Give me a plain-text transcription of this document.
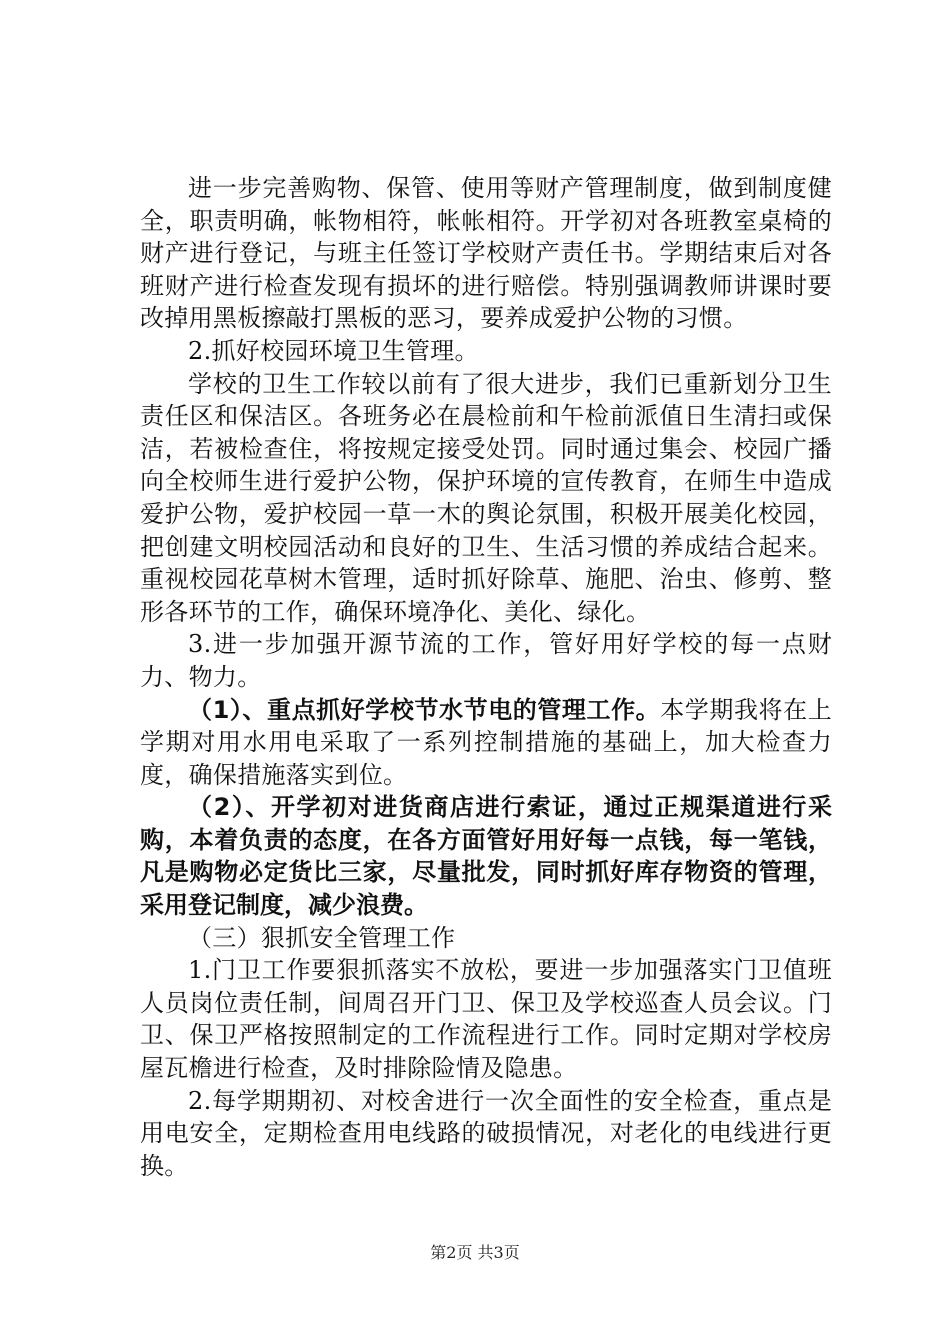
进一步完善购物、保管、使用等财产管理制度，做到制度健全，职责明确，帐物相符，帐帐相符。开学初对各班教室桌椅的财产进行登记，与班主任签订学校财产责任书。学期结束后对各班财产进行检查发现有损坏的进行赔偿。特别强调教师讲课时要改掉用黑板擦敲打黑板的恶习，要养成爱护公物的习惯。

2.抓好校园环境卫生管理。

学校的卫生工作较以前有了很大进步，我们已重新划分卫生责任区和保洁区。各班务必在晨检前和午检前派值日生清扫或保洁，若被检查住，将按规定接受处罚。同时通过集会、校园广播向全校师生进行爱护公物，保护环境的宣传教育，在师生中造成爱护公物，爱护校园一草一木的舆论氛围，积极开展美化校园，把创建文明校园活动和良好的卫生、生活习惯的养成结合起来。重视校园花草树木管理，适时抓好除草、施肥、治虫、修剪、整形各环节的工作，确保环境净化、美化、绿化。

3.进一步加强开源节流的工作，管好用好学校的每一点财力、物力。

（1）、重点抓好学校节水节电的管理工作。本学期我将在上学期对用水用电采取了一系列控制措施的基础上，加大检查力度，确保措施落实到位。

（2）、开学初对进货商店进行索证，通过正规渠道进行采购，本着负责的态度，在各方面管好用好每一点钱，每一笔钱，凡是购物必定货比三家，尽量批发，同时抓好库存物资的管理，采用登记制度，减少浪费。

（三）狠抓安全管理工作

1.门卫工作要狠抓落实不放松，要进一步加强落实门卫值班人员岗位责任制，间周召开门卫、保卫及学校巡查人员会议。门卫、保卫严格按照制定的工作流程进行工作。同时定期对学校房屋瓦檐进行检查，及时排除险情及隐患。

2.每学期期初、对校舍进行一次全面性的安全检查，重点是用电安全，定期检查用电线路的破损情况，对老化的电线进行更换。

第2页 共3页
